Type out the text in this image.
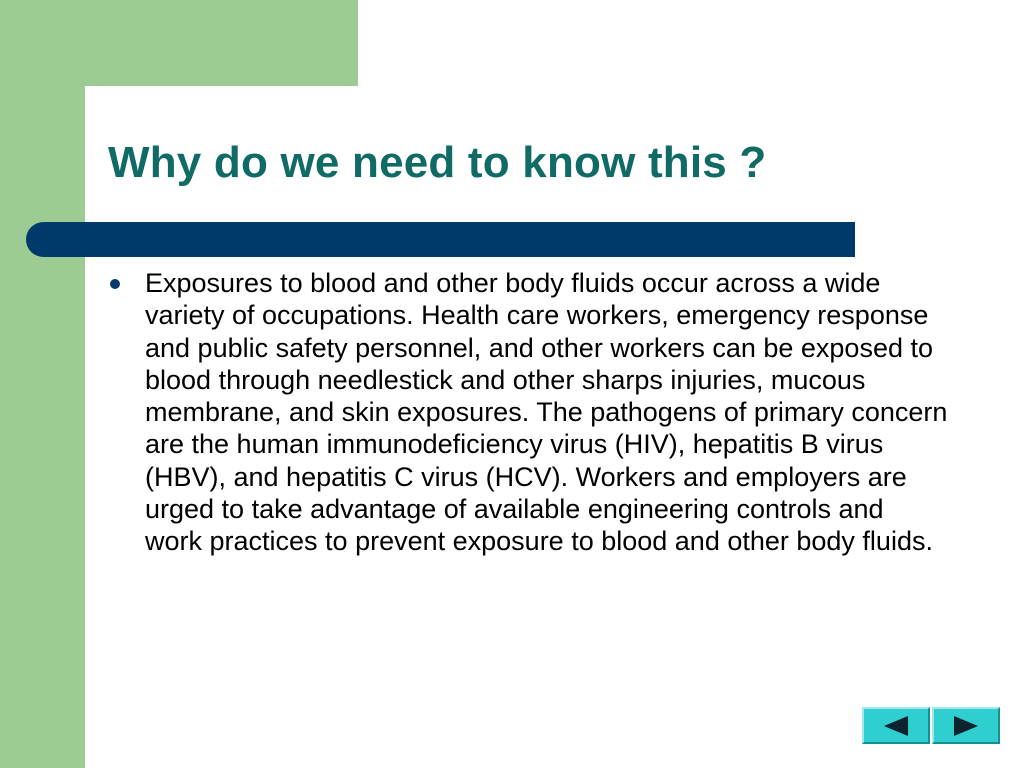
Why do we need to know this ?
Exposures to blood and other body fluids occur across a wide variety of occupations. Health care workers, emergency response and public safety personnel, and other workers can be exposed to blood through needlestick and other sharps injuries, mucous membrane, and skin exposures. The pathogens of primary concern are the human immunodeficiency virus (HIV), hepatitis B virus (HBV), and hepatitis C virus (HCV). Workers and employers are urged to take advantage of available engineering controls and work practices to prevent exposure to blood and other body fluids.
